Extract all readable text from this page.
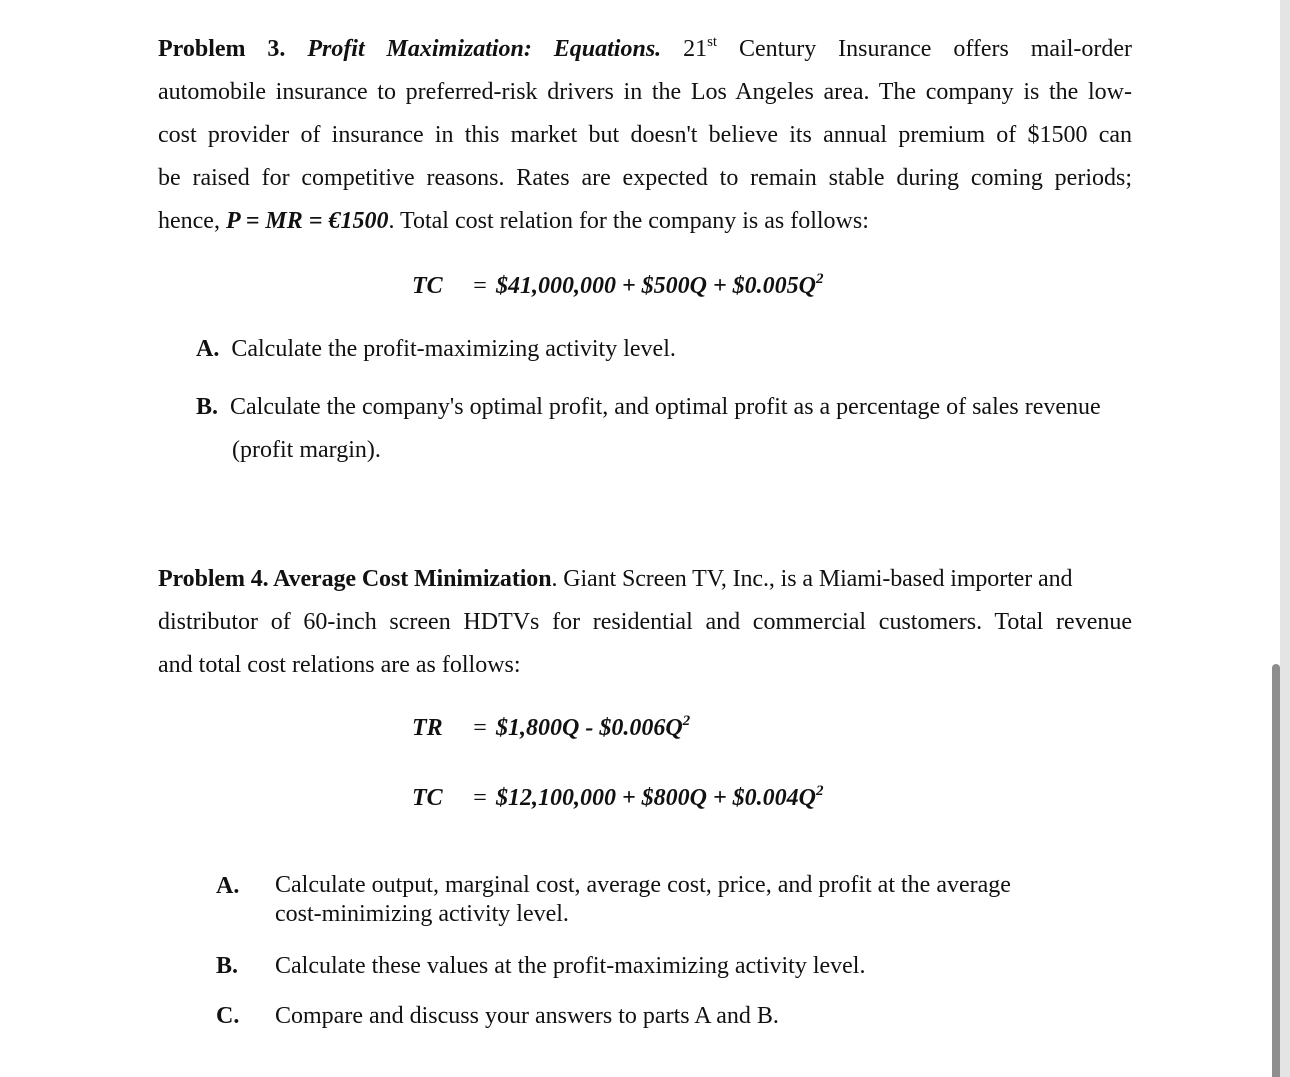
Problem 3. Profit Maximization: Equations. 21st Century Insurance offers mail-order
automobile insurance to preferred-risk drivers in the Los Angeles area. The company is the low-
cost provider of insurance in this market but doesn't believe its annual premium of $1500 can
be raised for competitive reasons. Rates are expected to remain stable during coming periods;
hence, P = MR = €1500. Total cost relation for the company is as follows:
TC = $41,000,000 + $500Q + $\$0.005Q^2$
A. Calculate the profit-maximizing activity level.
B. Calculate the company's optimal profit, and optimal profit as a percentage of sales revenue
(profit margin).
Problem 4. Average Cost Minimization. Giant Screen TV, Inc., is a Miami-based importer and
distributor of 60-inch screen HDTVs for residential and commercial customers. Total revenue
and total cost relations are as follows:
TR = $1,800Q - $\$0.006Q^2$
TC = $12,100,000 + $800Q + $\$0.004Q^2$
A. Calculate output, marginal cost, average cost, price, and profit at the average
cost-minimizing activity level.
B. Calculate these values at the profit-maximizing activity level.
C. Compare and discuss your answers to parts A and B.
